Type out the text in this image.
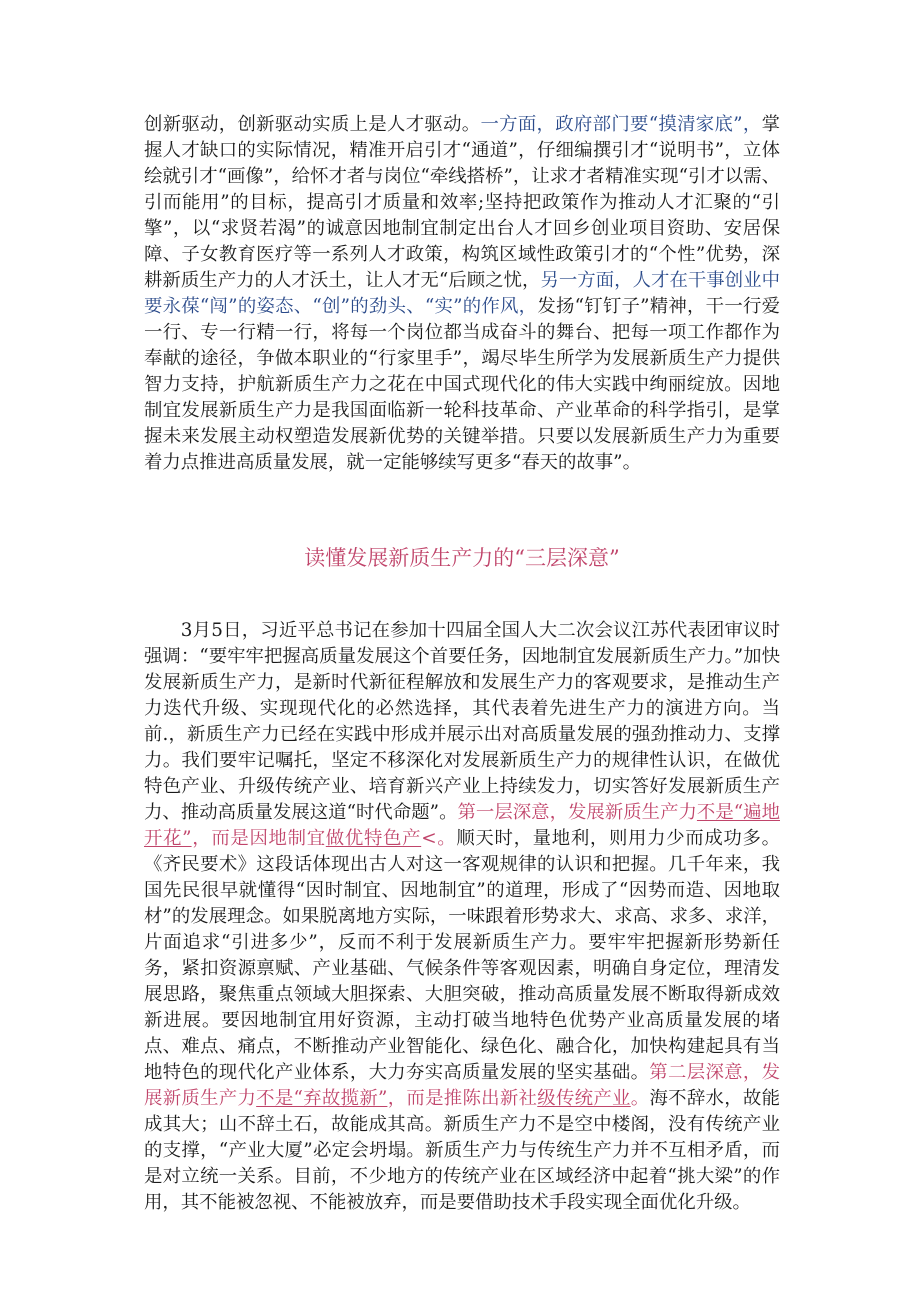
创新驱动，创新驱动实质上是人才驱动。一方面，政府部门要“摸清家底”，掌握人才缺口的实际情况，精准开启引才“通道”，仔细编撰引才“说明书”，立体绘就引才“画像”，给怀才者与岗位“牵线搭桥”，让求才者精准实现“引才以需、引而能用”的目标，提高引才质量和效率;坚持把政策作为推动人才汇聚的“引擎”，以“求贤若渴”的诚意因地制宜制定出台人才回乡创业项目资助、安居保障、子女教育医疗等一系列人才政策，构筑区域性政策引才的“个性”优势，深耕新质生产力的人才沃土，让人才无“后顾之忧，另一方面，人才在干事创业中要永葆“闯”的姿态、“创”的劲头、“实”的作风，发扬“钉钉子”精神，干一行爱一行、专一行精一行，将每一个岗位都当成奋斗的舞台、把每一项工作都作为奉献的途径，争做本职业的“行家里手”，竭尽毕生所学为发展新质生产力提供智力支持，护航新质生产力之花在中国式现代化的伟大实践中绚丽绽放。因地制宜发展新质生产力是我国面临新一轮科技革命、产业革命的科学指引，是掌握未来发展主动权塑造发展新优势的关键举措。只要以发展新质生产力为重要着力点推进高质量发展，就一定能够续写更多“春天的故事”。

读懂发展新质生产力的“三层深意”

3月5日，习近平总书记在参加十四届全国人大二次会议江苏代表团审议时强调：“要牢牢把握高质量发展这个首要任务，因地制宜发展新质生产力。”加快发展新质生产力，是新时代新征程解放和发展生产力的客观要求，是推动生产力迭代升级、实现现代化的必然选择，其代表着先进生产力的演进方向。当前.，新质生产力已经在实践中形成并展示出对高质量发展的强劲推动力、支撑力。我们要牢记嘱托，坚定不移深化对发展新质生产力的规律性认识，在做优特色产业、升级传统产业、培育新兴产业上持续发力，切实答好发展新质生产力、推动高质量发展这道“时代命题”。第一层深意，发展新质生产力不是“遍地开花”，而是因地制宜做优特色产<。顺天时，量地利，则用力少而成功多。《齐民要术》这段话体现出古人对这一客观规律的认识和把握。几千年来，我国先民很早就懂得“因时制宜、因地制宜”的道理，形成了“因势而造、因地取材”的发展理念。如果脱离地方实际，一味跟着形势求大、求高、求多、求洋，片面追求“引进多少”，反而不利于发展新质生产力。要牢牢把握新形势新任务，紧扣资源禀赋、产业基础、气候条件等客观因素，明确自身定位，理清发展思路，聚焦重点领域大胆探索、大胆突破，推动高质量发展不断取得新成效新进展。要因地制宜用好资源，主动打破当地特色优势产业高质量发展的堵点、难点、痛点，不断推动产业智能化、绿色化、融合化，加快构建起具有当地特色的现代化产业体系，大力夯实高质量发展的坚实基础。第二层深意，发展新质生产力不是“弃故揽新”，而是推陈出新社级传统产业。海不辞水，故能成其大；山不辞土石，故能成其高。新质生产力不是空中楼阁，没有传统产业的支撑，“产业大厦”必定会坍塌。新质生产力与传统生产力并不互相矛盾，而是对立统一关系。目前，不少地方的传统产业在区域经济中起着“挑大梁”的作用，其不能被忽视、不能被放弃，而是要借助技术手段实现全面优化升级。
